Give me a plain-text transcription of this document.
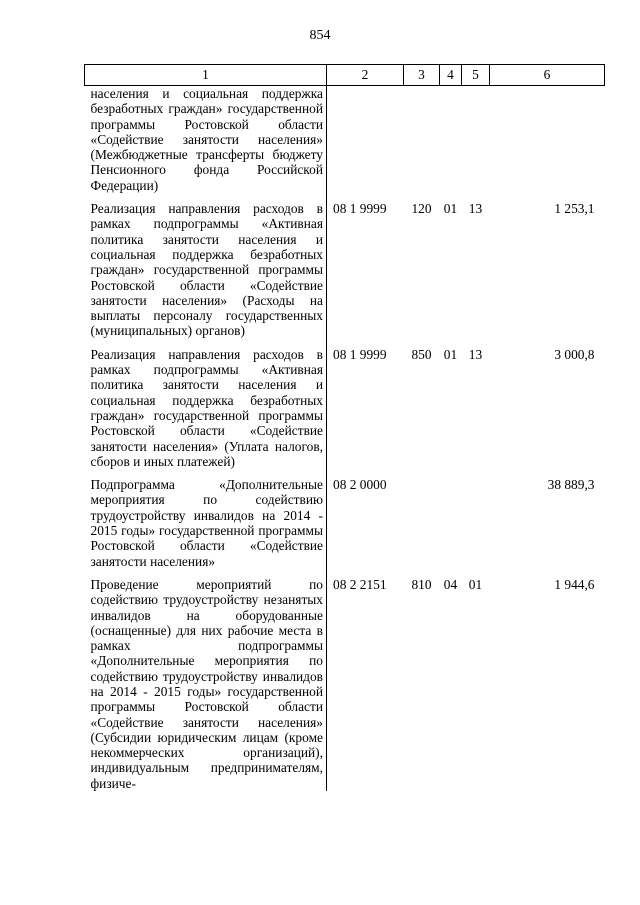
854
1	2	3	4	5	6
населения и социальная поддержка безработных граждан» государственной программы Ростовской области «Содействие занятости населения» (Межбюджетные трансферты бюджету Пенсионного фонда Российской Федерации)					

Реализация направления расходов в рамках подпрограммы «Активная политика занятости населения и социальная поддержка безработных граждан» государственной программы Ростовской области «Содействие занятости населения» (Расходы на выплаты персоналу государственных (муниципальных) органов)	08 1 9999	120	01	13	1 253,1

Реализация направления расходов в рамках подпрограммы «Активная политика занятости населения и социальная поддержка безработных граждан» государственной программы Ростовской области «Содействие занятости населения» (Уплата налогов, сборов и иных платежей)	08 1 9999	850	01	13	3 000,8

Подпрограмма «Дополнительные мероприятия по содействию трудоустройству инвалидов на 2014 - 2015 годы» государственной программы Ростовской области «Содействие занятости населения»	08 2 0000				38 889,3

Проведение мероприятий по содействию трудоустройству незанятых инвалидов на оборудованные (оснащенные) для них рабочие места в рамках подпрограммы «Дополнительные мероприятия по содействию трудоустройству инвалидов на 2014 - 2015 годы» государственной программы Ростовской области «Содействие занятости населения» (Субсидии юридическим лицам (кроме некоммерческих организаций), индивидуальным предпринимателям, физиче-	08 2 2151	810	04	01	1 944,6
